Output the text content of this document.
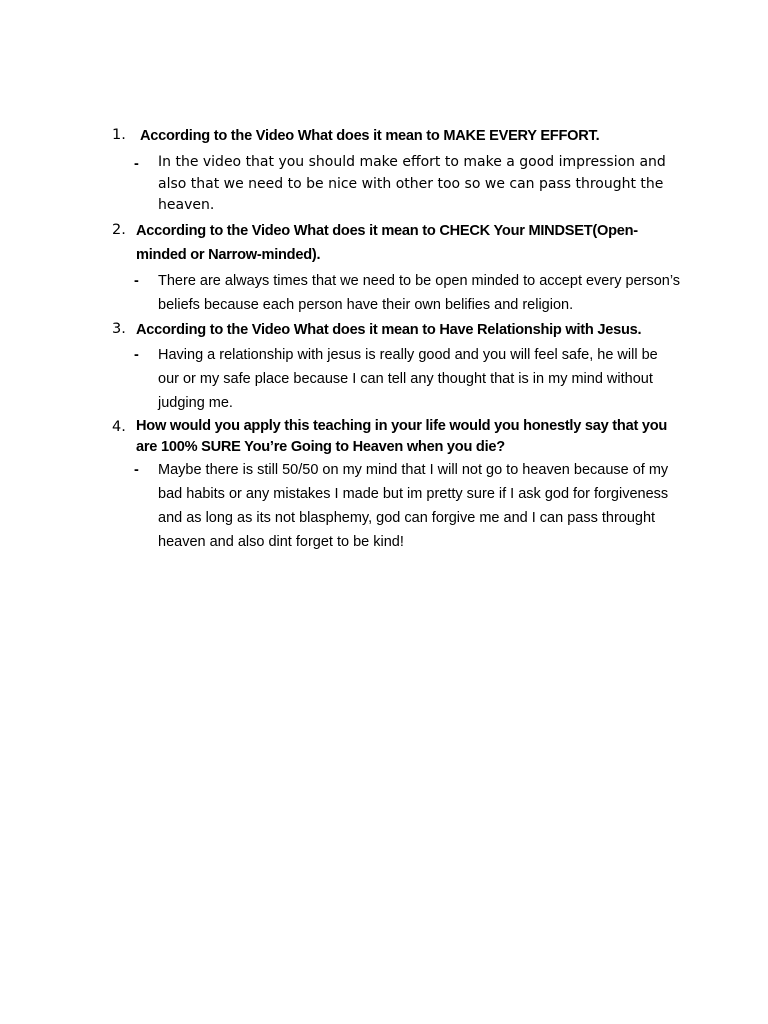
1. According to the Video What does it mean to MAKE EVERY EFFORT.
-	In the video that you should make effort to make a good impression and also that we need to be nice with other too so we can pass throught the heaven.
2. According to the Video What does it mean to CHECK Your MINDSET(Open-minded or Narrow-minded).
-	There are always times that we need to be open minded to accept every person’s beliefs because each person have their own belifies and religion.
3. According to the Video What does it mean to Have Relationship with Jesus.
-	Having a relationship with jesus is really good and you will feel safe, he will be our or my safe place because I can tell any thought that is in my mind without judging me.
4. How would you apply this teaching in your life would you honestly say that you are 100% SURE You’re Going to Heaven when you die?
-	Maybe there is still 50/50 on my mind that I will not go to heaven because of my bad habits or any mistakes I made but im pretty sure if I ask god for forgiveness and as long as its not blasphemy, god can forgive me and I can pass throught heaven and also dint forget to be kind!
